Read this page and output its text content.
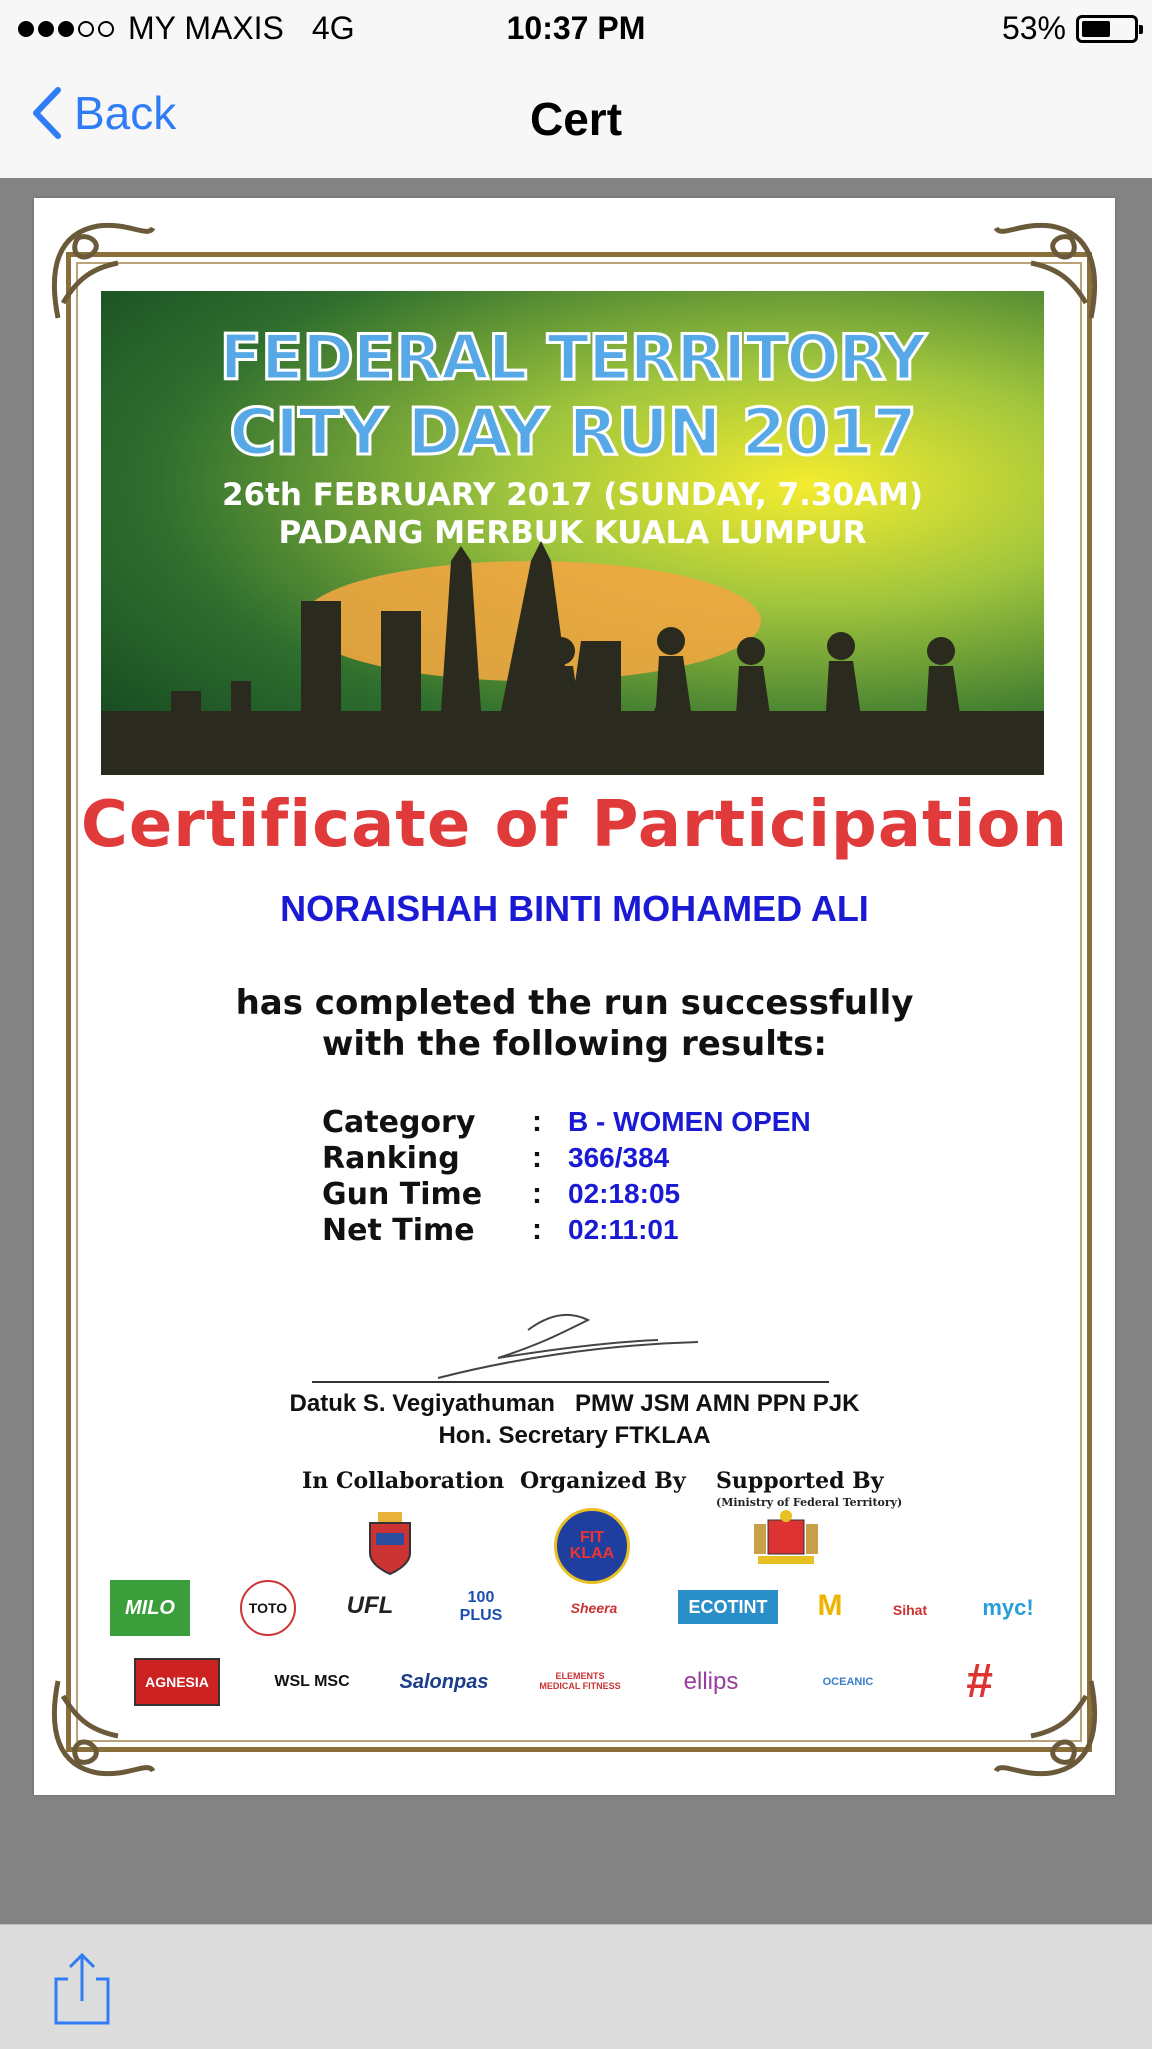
MY MAXIS 4G	10:37 PM	53%
Back	Cert
FEDERAL TERRITORY
CITY DAY RUN 2017
26th FEBRUARY 2017 (SUNDAY, 7.30AM)
PADANG MERBUK KUALA LUMPUR
Certificate of Participation
NORAISHAH BINTI MOHAMED ALI
has completed the run successfully
with the following results:
Category	: B - WOMEN OPEN
Ranking	: 366/384
Gun Time	: 02:18:05
Net Time	: 02:11:01
Datuk S. Vegiyathuman   PMW JSM AMN PPN PJK
Hon. Secretary FTKLAA
In Collaboration Organized By Supported By
(Ministry of Federal Territory)
FIT KLAA
MILO	TOTO	UFL	100 PLUS	Sheera	ECOTINT	M	Sihat	myc!
AGNESIA	WSL MSC	Salonpas	ELEMENTS MEDICAL FITNESS	ellips	OCEANIC #
